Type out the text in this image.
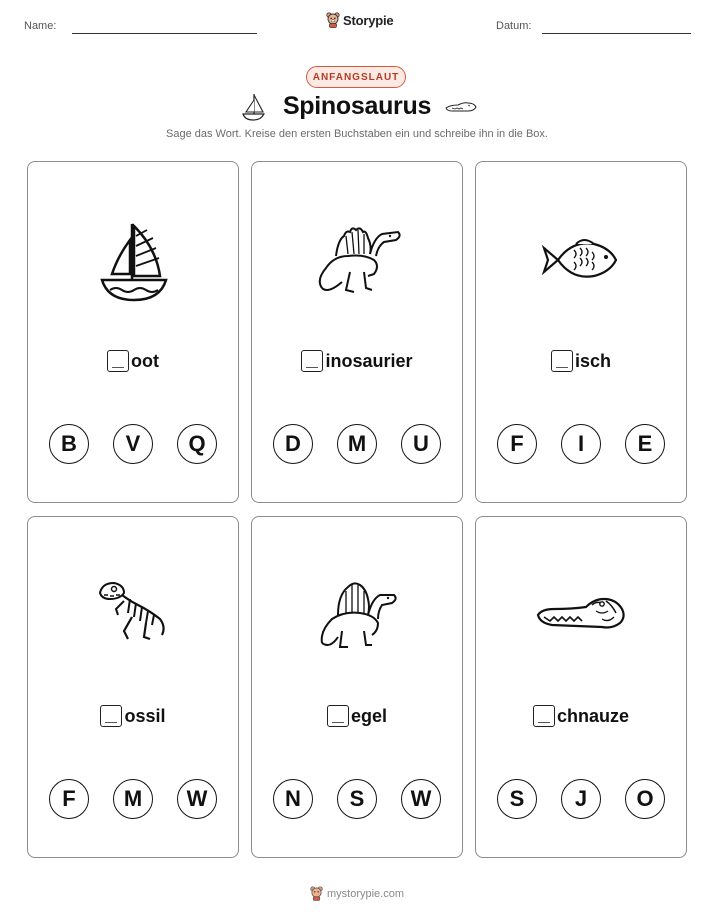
Name:	Storypie	Datum:
ANFANGSLAUT
Spinosaurus
Sage das Wort. Kreise den ersten Buchstaben ein und schreibe ihn in die Box.
oot
B	V	Q
inosaurier
D	M	U
isch
F	I	E
ossil
F	M	W
egel
N	S	W
chnauze
S	J	O
mystorypie.com
